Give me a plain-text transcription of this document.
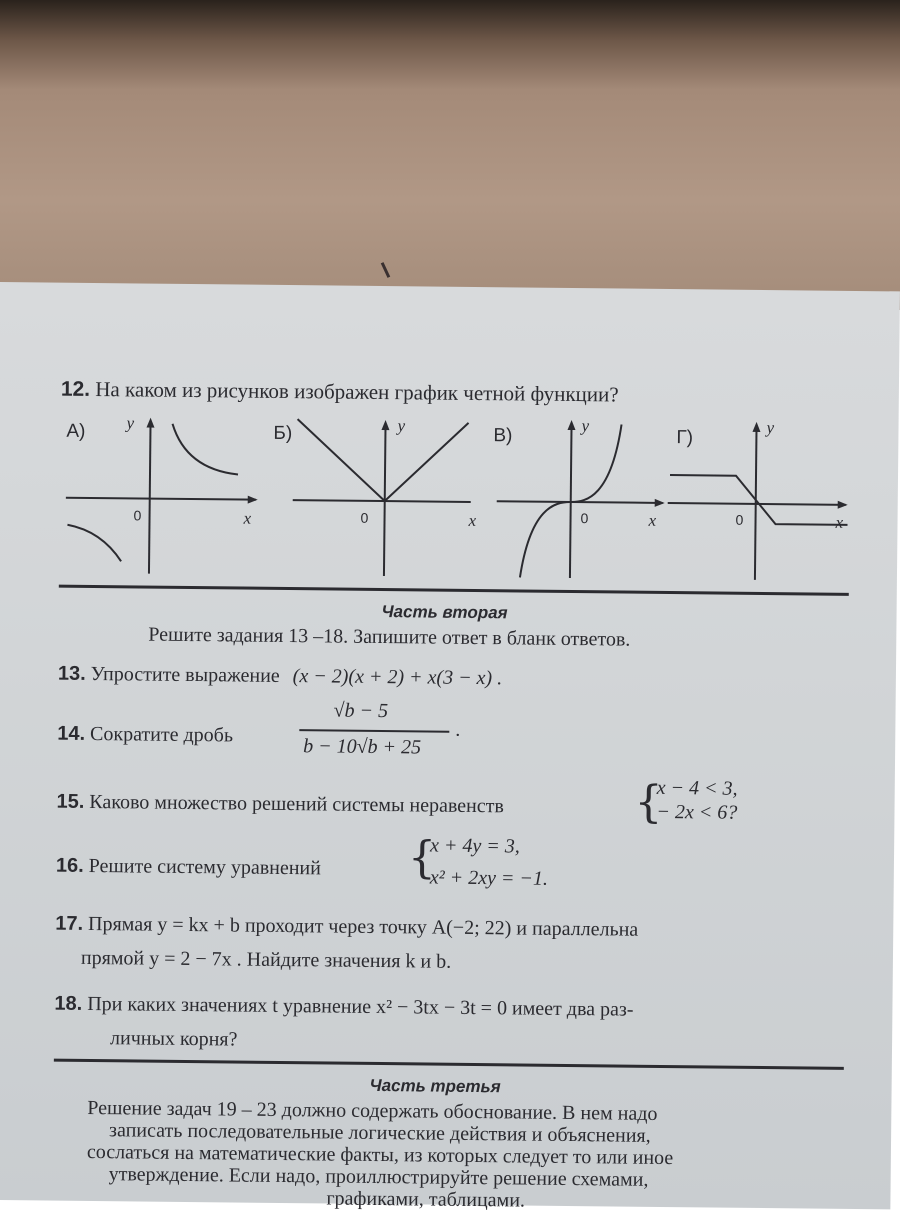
12. На каком из рисунков изображен график четной функции?
А) y
x
0
Б)	y
x
0
В)	y
x
0
Г)	y
x
0
Часть вторая
Решите задания 13 –18. Запишите ответ в бланк ответов.
13. Упростите выражение (x − 2)(x + 2) + x(3 − x) .
14. Сократите дробь
√b − 5
b − 10√b + 25
.
15. Каково множество решений системы неравенств	{
x − 4 < 3,
− 2x < 6?
16. Решите систему уравнений {
x + 4y = 3,
x² + 2xy = −1.
17. Прямая y = kx + b проходит через точку A(−2; 22) и параллельна
прямой y = 2 − 7x . Найдите значения k и b.
18. При каких значениях t уравнение x² − 3tx − 3t = 0 имеет два раз-
личных корня?
Часть третья
Решение задач 19 – 23 должно содержать обоснование. В нем надо
записать последовательные логические действия и объяснения,
сослаться на математические факты, из которых следует то или иное
утверждение. Если надо, проиллюстрируйте решение схемами,
графиками, таблицами.
